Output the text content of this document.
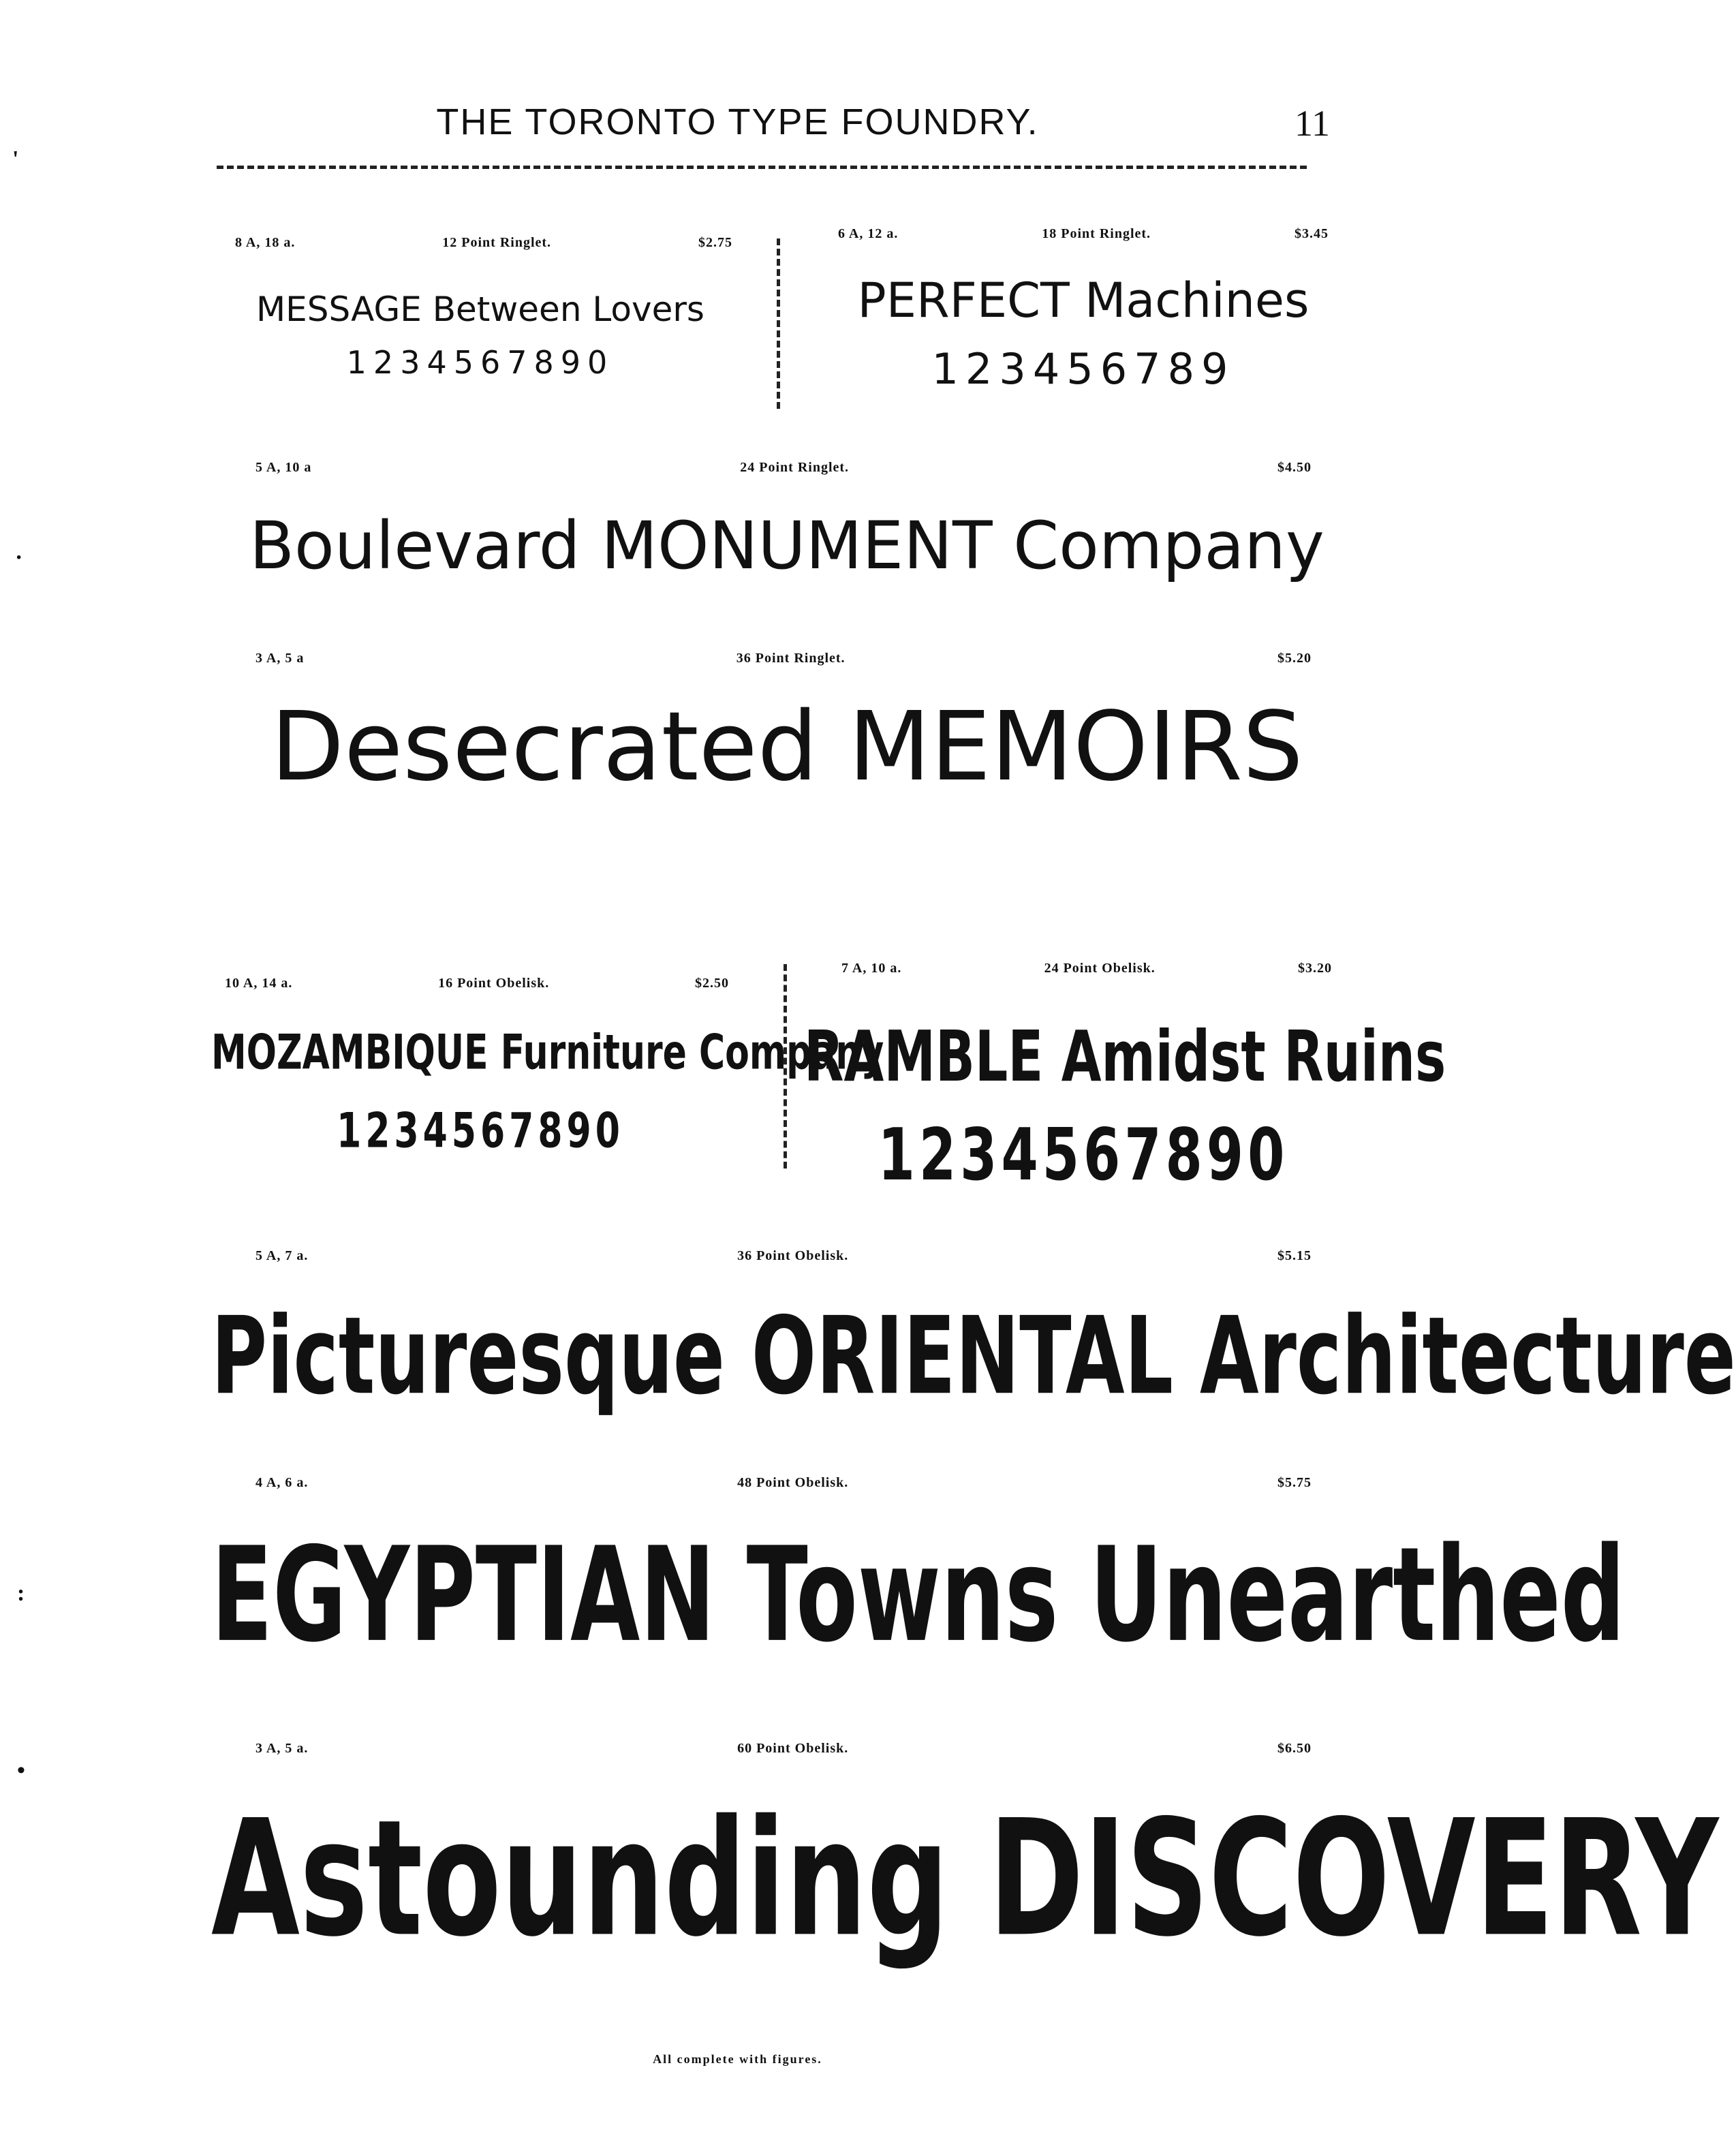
THE TORONTO TYPE FOUNDRY.	11
8 A, 18 a.	12 Point Ringlet.	$2.75
MESSAGE Between Lovers
1234567890
6 A, 12 a.	18 Point Ringlet.	$3.45
PERFECT Machines
123456789
5 A, 10 a	24 Point Ringlet.	$4.50
Boulevard MONUMENT Company
3 A, 5 a	36 Point Ringlet.	$5.20
Desecrated MEMOIRS
10 A, 14 a.	16 Point Obelisk.	$2.50
MOZAMBIQUE Furniture Company
1234567890
7 A, 10 a.	24 Point Obelisk.	$3.20
RAMBLE Amidst Ruins
1234567890
5 A, 7 a.	36 Point Obelisk.	$5.15
Picturesque ORIENTAL Architecture
4 A, 6 a.	48 Point Obelisk.	$5.75
EGYPTIAN Towns Unearthed
3 A, 5 a.	60 Point Obelisk.	$6.50
Astounding DISCOVERY
All complete with figures.
'
·
:
•
